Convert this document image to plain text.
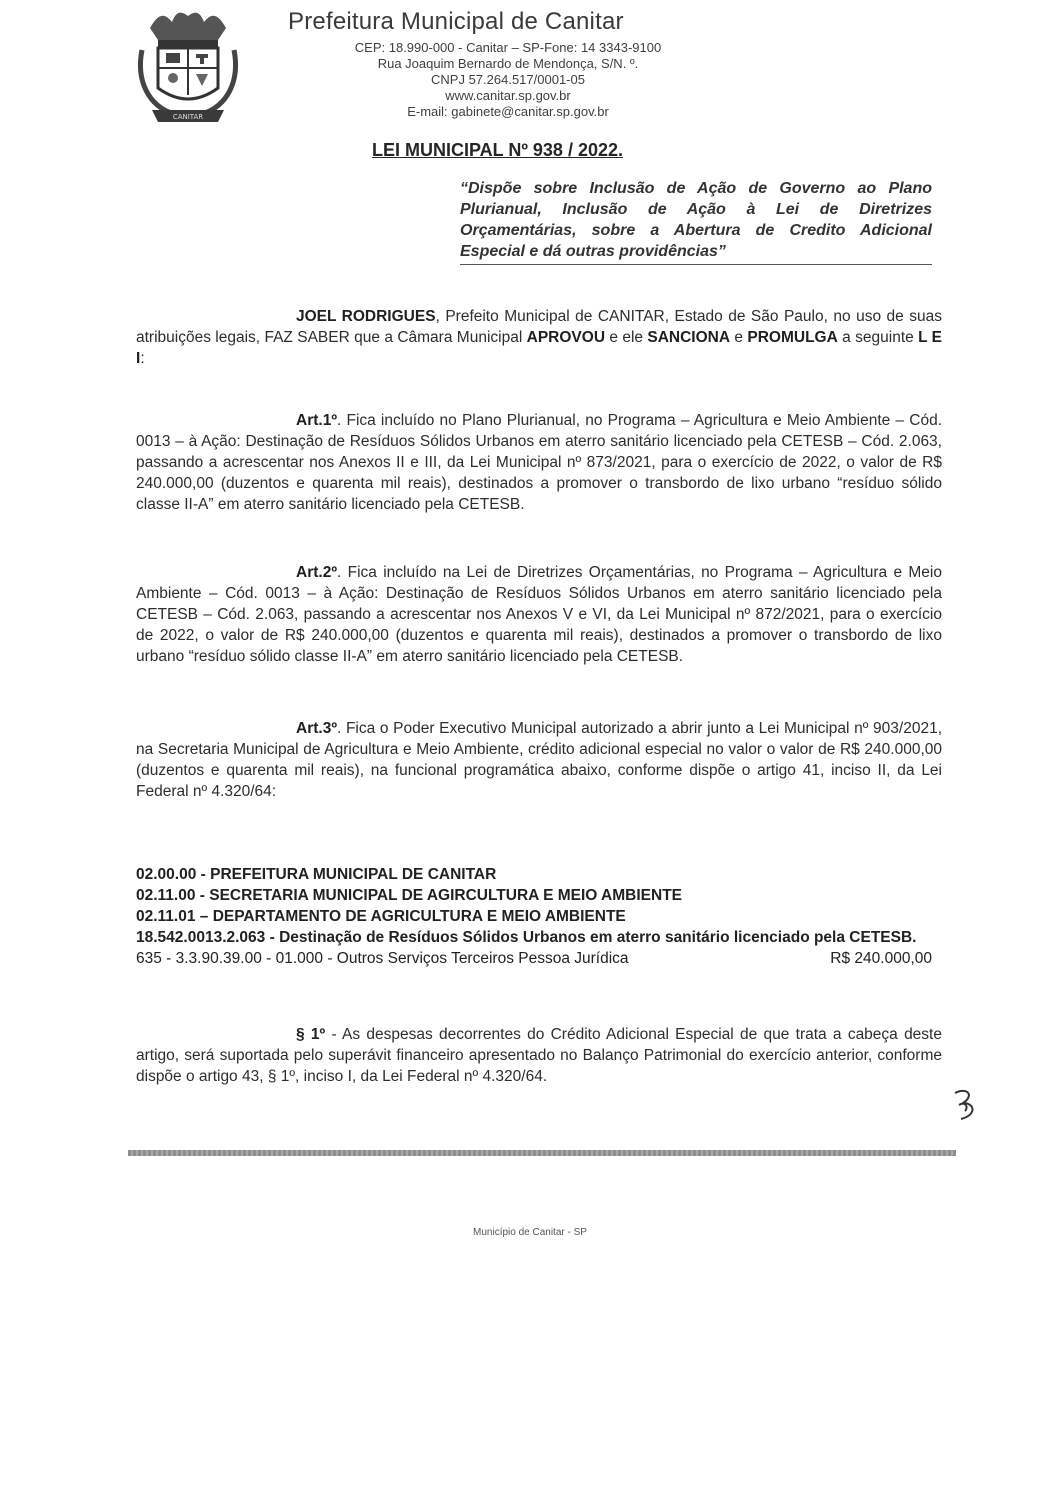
CANITAR
Prefeitura Municipal de Canitar
CEP: 18.990-000 - Canitar – SP-Fone: 14 3343-9100
Rua Joaquim Bernardo de Mendonça, S/N. º.
CNPJ 57.264.517/0001-05
www.canitar.sp.gov.br
E-mail: gabinete@canitar.sp.gov.br
LEI MUNICIPAL Nº 938 / 2022.
“Dispõe sobre Inclusão de Ação de Governo ao Plano Plurianual, Inclusão de Ação à Lei de Diretrizes Orçamentárias, sobre a Abertura de Credito Adicional Especial e dá outras providências”
JOEL RODRIGUES, Prefeito Municipal de CANITAR, Estado de São Paulo, no uso de suas atribuições legais, FAZ SABER que a Câmara Municipal APROVOU e ele SANCIONA e PROMULGA a seguinte L E I:
Art.1º. Fica incluído no Plano Plurianual, no Programa – Agricultura e Meio Ambiente – Cód. 0013 – à Ação: Destinação de Resíduos Sólidos Urbanos em aterro sanitário licenciado pela CETESB – Cód. 2.063, passando a acrescentar nos Anexos II e III, da Lei Municipal nº 873/2021, para o exercício de 2022, o valor de R$ 240.000,00 (duzentos e quarenta mil reais), destinados a promover o transbordo de lixo urbano “resíduo sólido classe II-A” em aterro sanitário licenciado pela CETESB.
Art.2º. Fica incluído na Lei de Diretrizes Orçamentárias, no Programa – Agricultura e Meio Ambiente – Cód. 0013 – à Ação: Destinação de Resíduos Sólidos Urbanos em aterro sanitário licenciado pela CETESB – Cód. 2.063, passando a acrescentar nos Anexos V e VI, da Lei Municipal nº 872/2021, para o exercício de 2022, o valor de R$ 240.000,00 (duzentos e quarenta mil reais), destinados a promover o transbordo de lixo urbano “resíduo sólido classe II-A” em aterro sanitário licenciado pela CETESB.
Art.3º. Fica o Poder Executivo Municipal autorizado a abrir junto a Lei Municipal nº 903/2021, na Secretaria Municipal de Agricultura e Meio Ambiente, crédito adicional especial no valor o valor de R$ 240.000,00 (duzentos e quarenta mil reais), na funcional programática abaixo, conforme dispõe o artigo 41, inciso II, da Lei Federal nº 4.320/64:
02.00.00 - PREFEITURA MUNICIPAL DE CANITAR
02.11.00 - SECRETARIA MUNICIPAL DE AGIRCULTURA E MEIO AMBIENTE
02.11.01 – DEPARTAMENTO DE AGRICULTURA E MEIO AMBIENTE
18.542.0013.2.063 - Destinação de Resíduos Sólidos Urbanos em aterro sanitário licenciado pela CETESB.
635 - 3.3.90.39.00 - 01.000 - Outros Serviços Terceiros Pessoa Jurídica	R$ 240.000,00
§ 1º - As despesas decorrentes do Crédito Adicional Especial de que trata a cabeça deste artigo, será suportada pelo superávit financeiro apresentado no Balanço Patrimonial do exercício anterior, conforme dispõe o artigo 43, § 1º, inciso I, da Lei Federal nº 4.320/64.
Município de Canitar - SP
